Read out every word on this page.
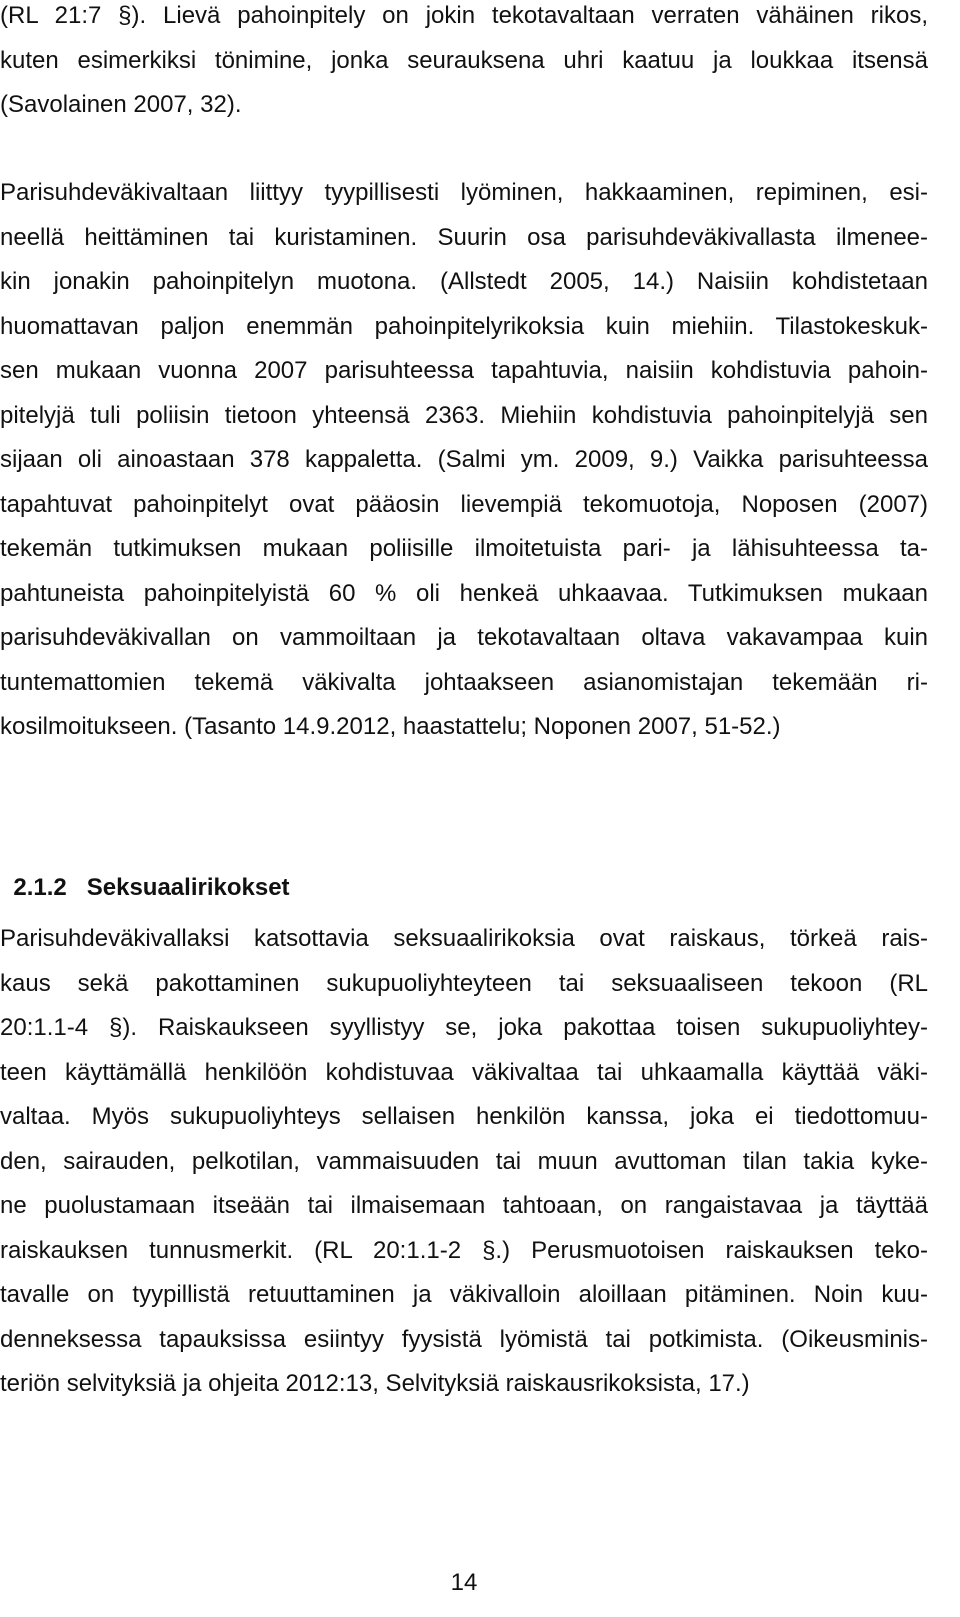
(RL 21:7 §). Lievä pahoinpitely on jokin tekotavaltaan verraten vähäinen rikos,
kuten esimerkiksi tönimine, jonka seurauksena uhri kaatuu ja loukkaa itsensä
(Savolainen 2007, 32).
Parisuhdeväkivaltaan liittyy tyypillisesti lyöminen, hakkaaminen, repiminen, esi-
neellä heittäminen tai kuristaminen. Suurin osa parisuhdeväkivallasta ilmenee-
kin jonakin pahoinpitelyn muotona. (Allstedt 2005, 14.) Naisiin kohdistetaan
huomattavan paljon enemmän pahoinpitelyrikoksia kuin miehiin. Tilastokeskuk-
sen mukaan vuonna 2007 parisuhteessa tapahtuvia, naisiin kohdistuvia pahoin-
pitelyjä tuli poliisin tietoon yhteensä 2363. Miehiin kohdistuvia pahoinpitelyjä sen
sijaan oli ainoastaan 378 kappaletta. (Salmi ym. 2009, 9.) Vaikka parisuhteessa
tapahtuvat pahoinpitelyt ovat pääosin lievempiä tekomuotoja, Noposen (2007)
tekemän tutkimuksen mukaan poliisille ilmoitetuista pari- ja lähisuhteessa ta-
pahtuneista pahoinpitelyistä 60 % oli henkeä uhkaavaa. Tutkimuksen mukaan
parisuhdeväkivallan on vammoiltaan ja tekotavaltaan oltava vakavampaa kuin
tuntemattomien tekemä väkivalta johtaakseen asianomistajan tekemään ri-
kosilmoitukseen. (Tasanto 14.9.2012, haastattelu; Noponen 2007, 51-52.)

2.1.2 Seksuaalirikokset

Parisuhdeväkivallaksi katsottavia seksuaalirikoksia ovat raiskaus, törkeä rais-
kaus sekä pakottaminen sukupuoliyhteyteen tai seksuaaliseen tekoon (RL
20:1.1-4 §). Raiskaukseen syyllistyy se, joka pakottaa toisen sukupuoliyhtey-
teen käyttämällä henkilöön kohdistuvaa väkivaltaa tai uhkaamalla käyttää väki-
valtaa. Myös sukupuoliyhteys sellaisen henkilön kanssa, joka ei tiedottomuu-
den, sairauden, pelkotilan, vammaisuuden tai muun avuttoman tilan takia kyke-
ne puolustamaan itseään tai ilmaisemaan tahtoaan, on rangaistavaa ja täyttää
raiskauksen tunnusmerkit. (RL 20:1.1-2 §.) Perusmuotoisen raiskauksen teko-
tavalle on tyypillistä retuuttaminen ja väkivalloin aloillaan pitäminen. Noin kuu-
denneksessa tapauksissa esiintyy fyysistä lyömistä tai potkimista. (Oikeusminis-
teriön selvityksiä ja ohjeita 2012:13, Selvityksiä raiskausrikoksista, 17.)
14
